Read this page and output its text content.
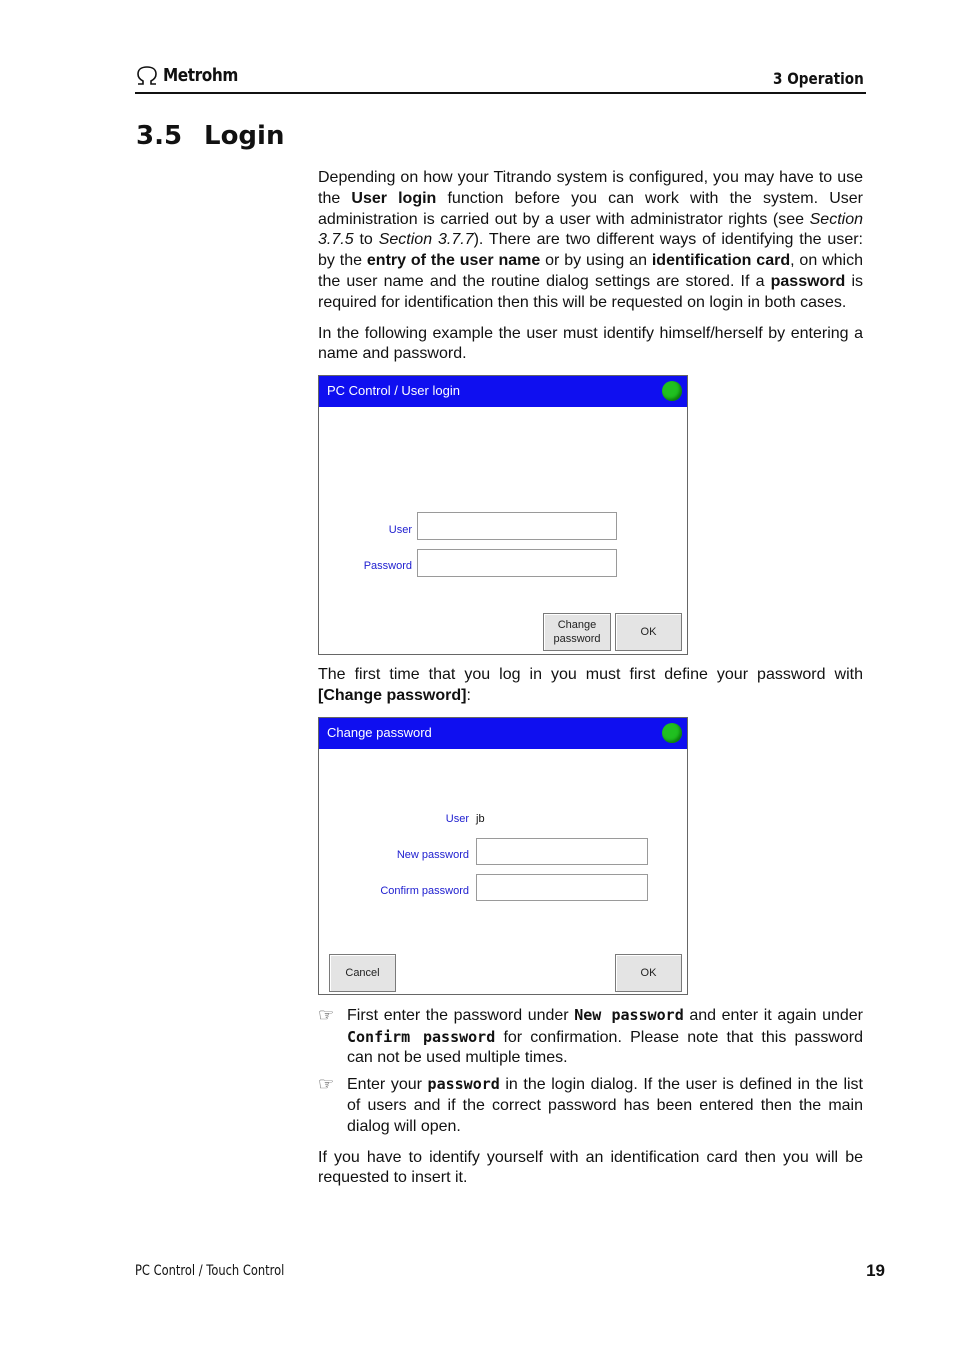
Metrohm	3 Operation
3.5 Login

Depending on how your Titrando system is configured, you may have to use the User login function before you can work with the system. User administration is carried out by a user with administrator rights (see Section 3.7.5 to Section 3.7.7). There are two different ways of identifying the user: by the entry of the user name or by using an identification card, on which the user name and the routine dialog settings are stored. If a password is required for identification then this will be requested on login in both cases.

In the following example the user must identify himself/herself by entering a name and password.

PC Control / User login
User
Password
Change password
OK

The first time that you log in you must first define your password with [Change password]:

Change password
User jb
New password
Confirm password
Cancel	OK
☞ First enter the password under New password and enter it again under Confirm password for confirmation. Please note that this password can not be used multiple times.

☞ Enter your password in the login dialog. If the user is defined in the list of users and if the correct password has been entered then the main dialog will open.

If you have to identify yourself with an identification card then you will be requested to insert it.

PC Control / Touch Control	19
